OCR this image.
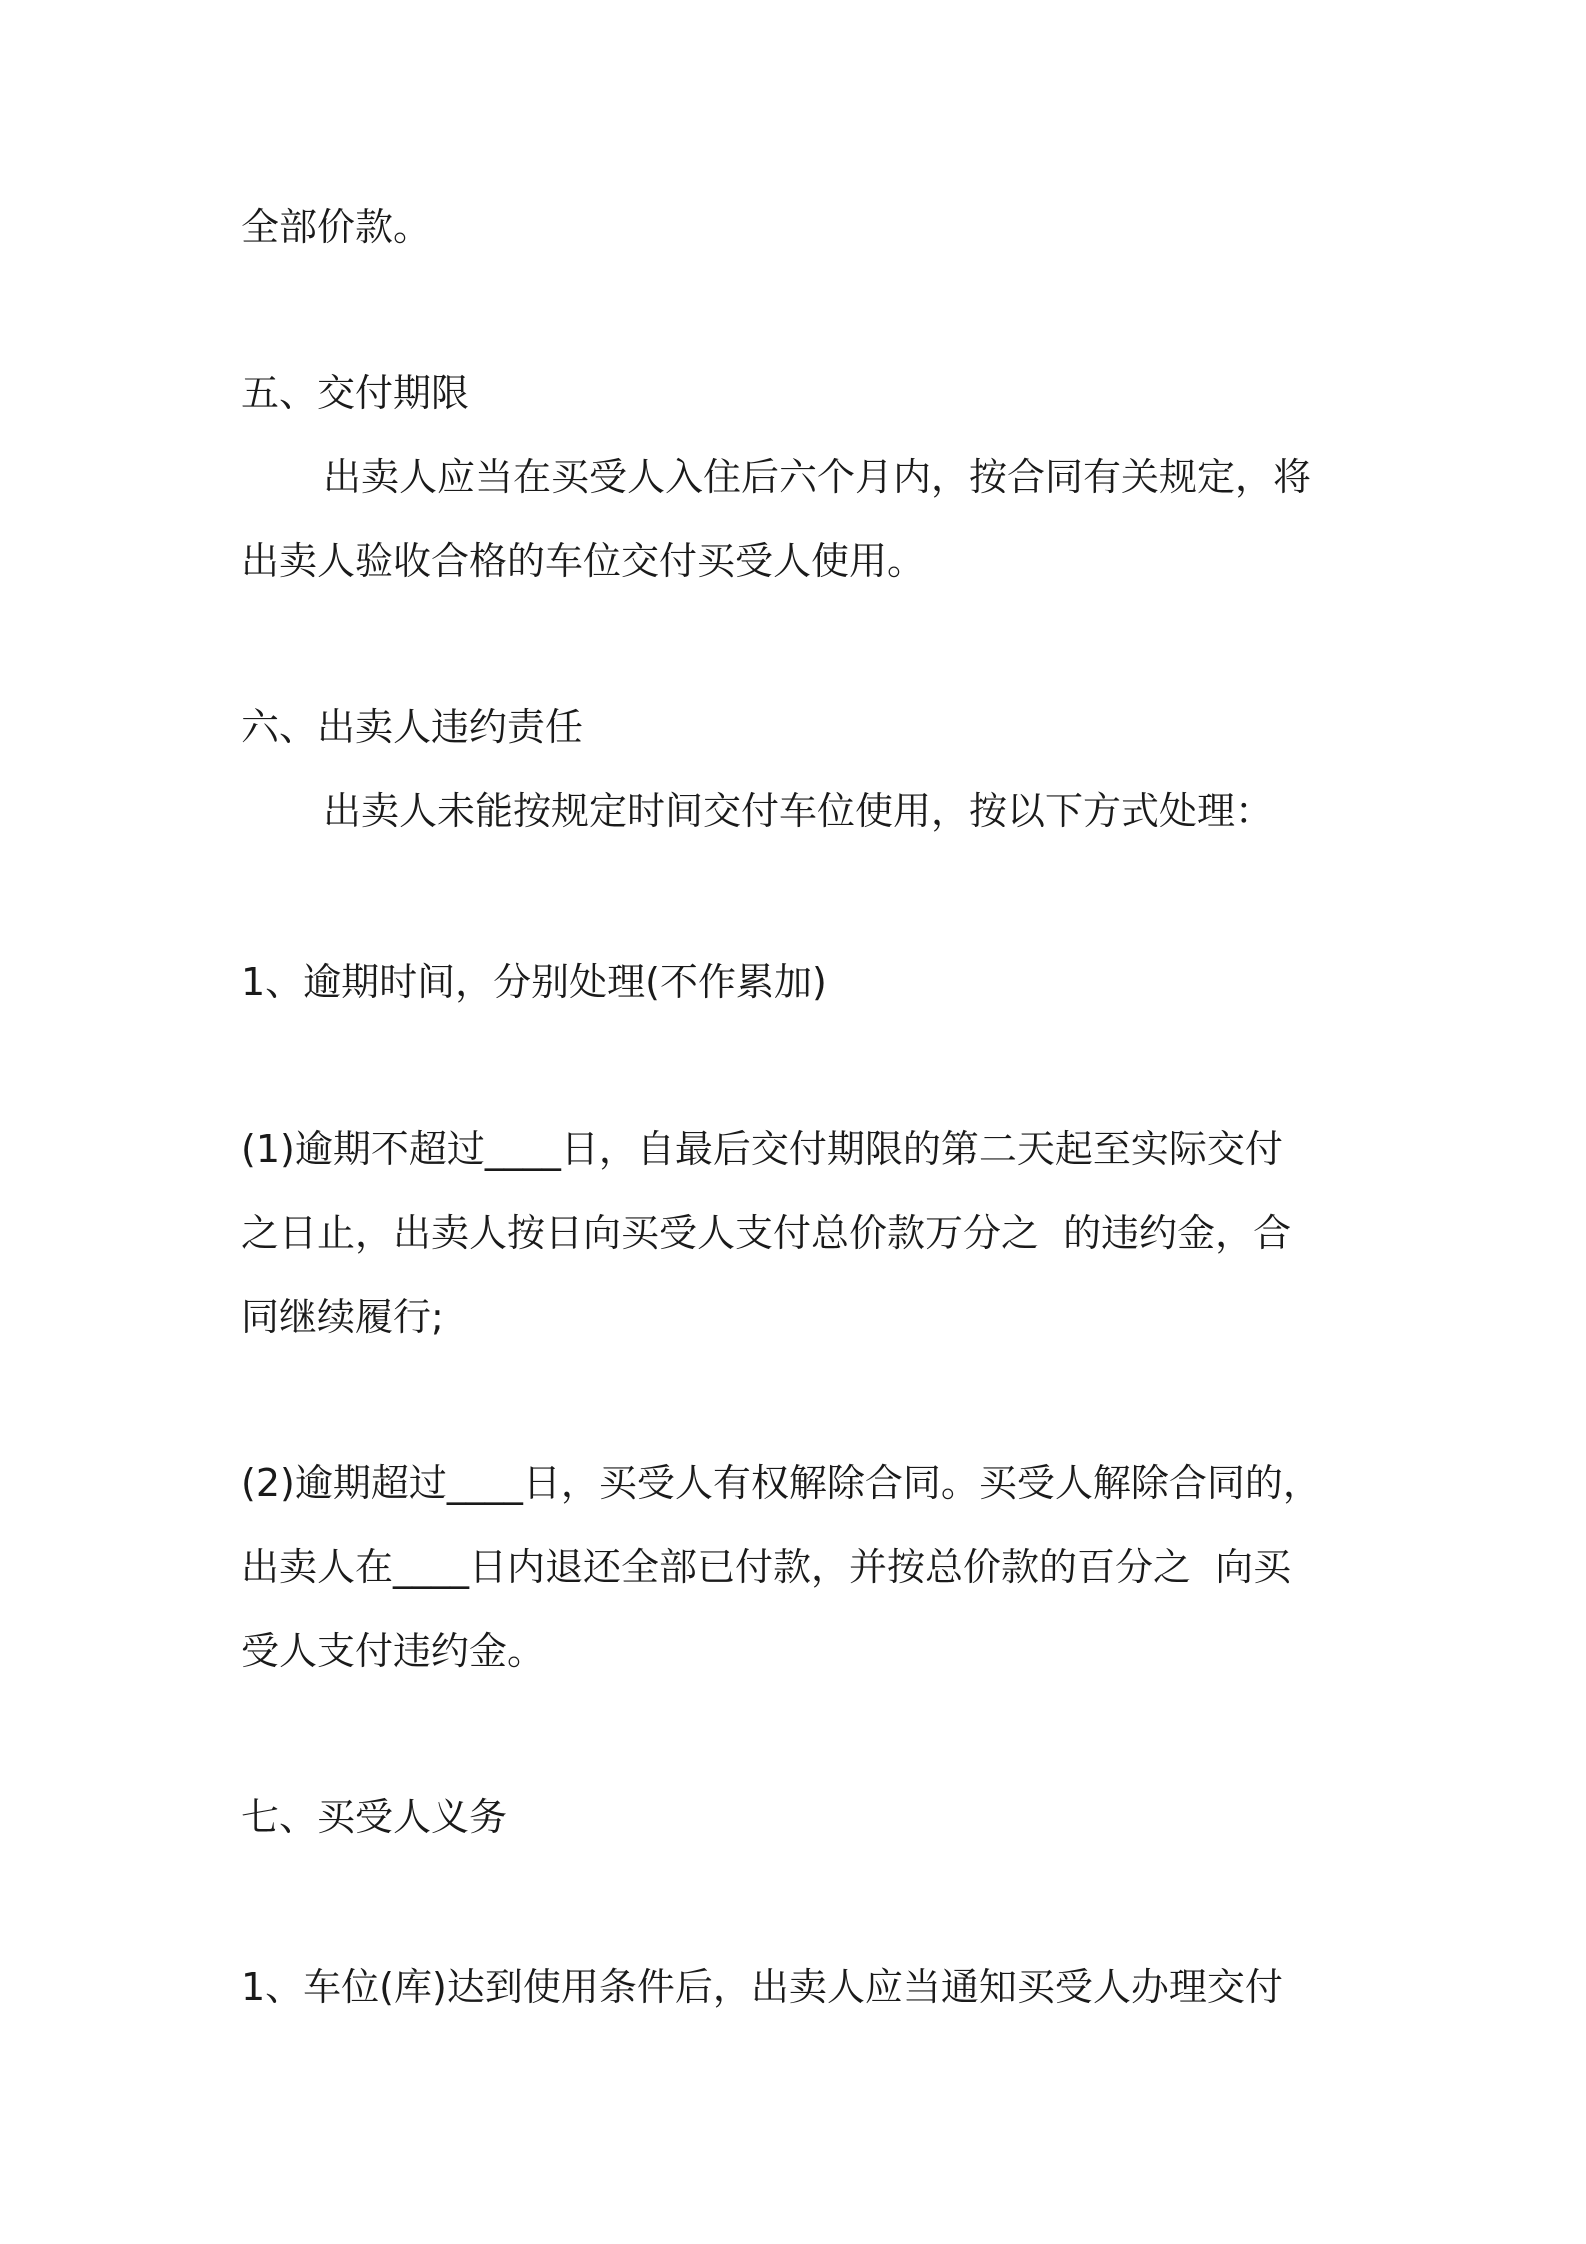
全部价款。
五、交付期限
出卖人应当在买受人入住后六个月内，按合同有关规定，将
出卖人验收合格的车位交付买受人使用。
六、出卖人违约责任
出卖人未能按规定时间交付车位使用，按以下方式处理：
1、逾期时间，分别处理(不作累加)
(1)逾期不超过____日，自最后交付期限的第二天起至实际交付
之日止，出卖人按日向买受人支付总价款万分之  的违约金，合
同继续履行;
(2)逾期超过____日，买受人有权解除合同。买受人解除合同的，
出卖人在____日内退还全部已付款，并按总价款的百分之  向买
受人支付违约金。
七、买受人义务
1、车位(库)达到使用条件后，出卖人应当通知买受人办理交付
